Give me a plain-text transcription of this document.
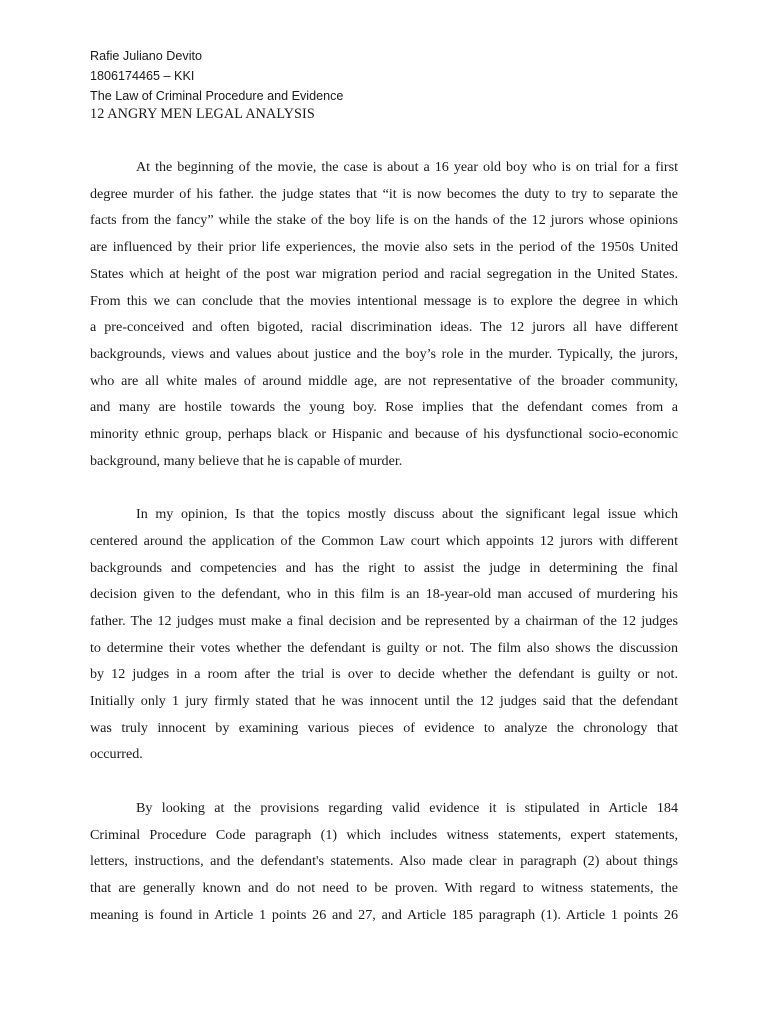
Rafie Juliano Devito
1806174465 – KKI
The Law of Criminal Procedure and Evidence
12 ANGRY MEN LEGAL ANALYSIS
At the beginning of the movie, the case is about a 16 year old boy who is on trial for a first
degree murder of his father. the judge states that “it is now becomes the duty to try to separate the
facts from the fancy” while the stake of the boy life is on the hands of the 12 jurors whose opinions
are influenced by their prior life experiences, the movie also sets in the period of the 1950s United
States which at height of the post war migration period and racial segregation in the United States.
From this we can conclude that the movies intentional message is to explore the degree in which
a pre-conceived and often bigoted, racial discrimination ideas. The 12 jurors all have different
backgrounds, views and values about justice and the boy’s role in the murder. Typically, the jurors,
who are all white males of around middle age, are not representative of the broader community,
and many are hostile towards the young boy. Rose implies that the defendant comes from a
minority ethnic group, perhaps black or Hispanic and because of his dysfunctional socio-economic
background, many believe that he is capable of murder.
In my opinion, Is that the topics mostly discuss about the significant legal issue which
centered around the application of the Common Law court which appoints 12 jurors with different
backgrounds and competencies and has the right to assist the judge in determining the final
decision given to the defendant, who in this film is an 18-year-old man accused of murdering his
father. The 12 judges must make a final decision and be represented by a chairman of the 12 judges
to determine their votes whether the defendant is guilty or not. The film also shows the discussion
by 12 judges in a room after the trial is over to decide whether the defendant is guilty or not.
Initially only 1 jury firmly stated that he was innocent until the 12 judges said that the defendant
was truly innocent by examining various pieces of evidence to analyze the chronology that
occurred.
By looking at the provisions regarding valid evidence it is stipulated in Article 184
Criminal Procedure Code paragraph (1) which includes witness statements, expert statements,
letters, instructions, and the defendant's statements. Also made clear in paragraph (2) about things
that are generally known and do not need to be proven. With regard to witness statements, the
meaning is found in Article 1 points 26 and 27, and Article 185 paragraph (1). Article 1 points 26
